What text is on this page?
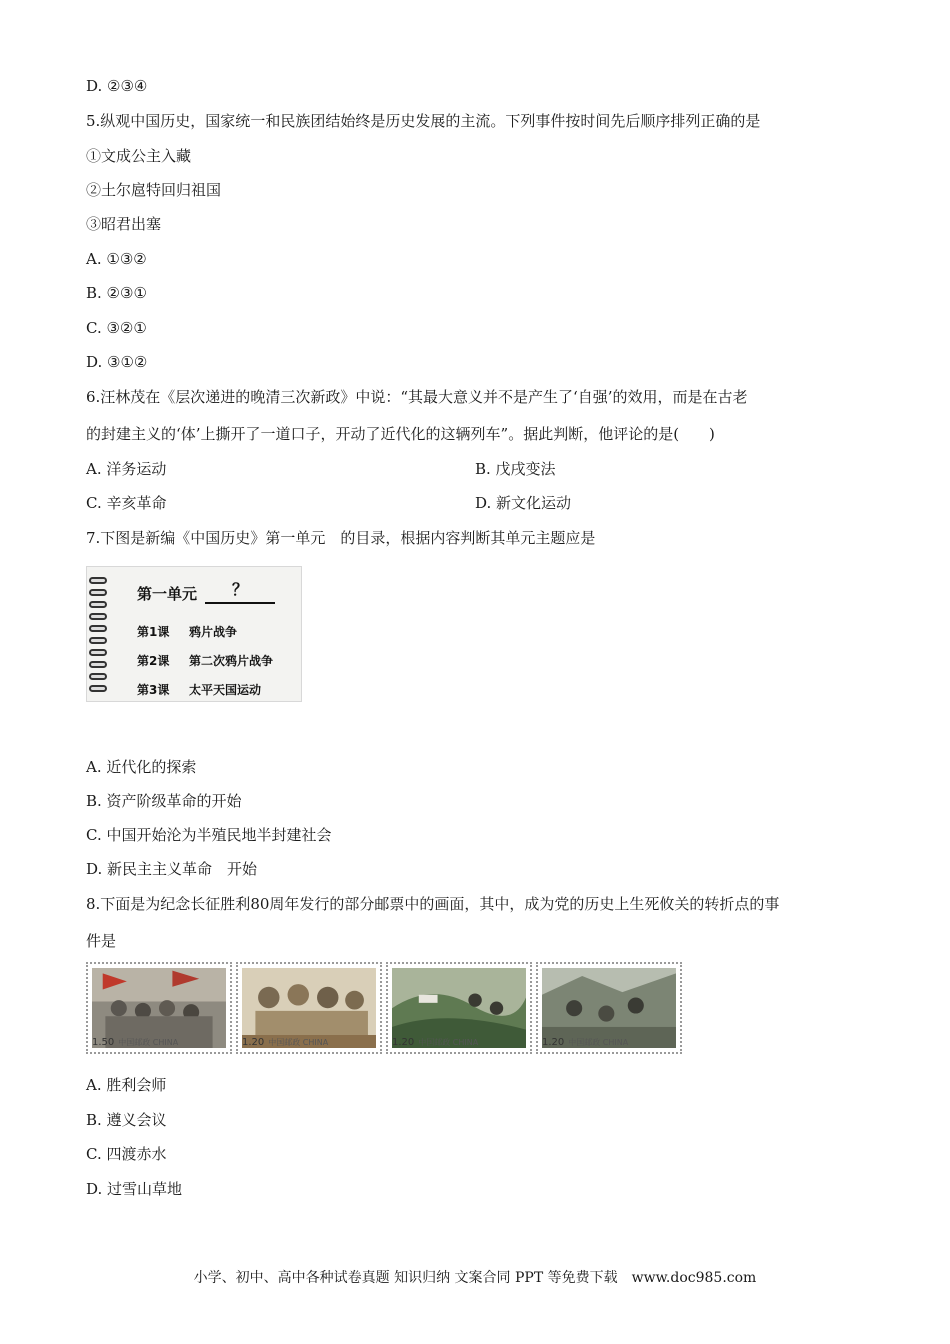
D. ②③④
5.纵观中国历史，国家统一和民族团结始终是历史发展的主流。下列事件按时间先后顺序排列正确的是
①文成公主入藏
②土尔扈特回归祖国
③昭君出塞
A. ①③②
B. ②③①
C. ③②①
D. ③①②
6.汪林茂在《层次递进的晚清三次新政》中说：“其最大意义并不是产生了‘自强’的效用，而是在古老
的封建主义的‘体’上撕开了一道口子，开动了近代化的这辆列车”。据此判断，他评论的是(　　)
A. 洋务运动	B. 戊戌变法
C. 辛亥革命	D. 新文化运动
7.下图是新编《中国历史》第一单元　的目录，根据内容判断其单元主题应是
第一单元	？
第1课 鸦片战争
第2课 第二次鸦片战争
第3课 太平天国运动
A. 近代化的探索
B. 资产阶级革命的开始
C. 中国开始沦为半殖民地半封建社会
D. 新民主主义革命　开始
8.下面是为纪念长征胜利80周年发行的部分邮票中的画面，其中，成为党的历史上生死攸关的转折点的事
件是
1.50 中国邮政 CHINA	1.20 中国邮政 CHINA	1.20 中国邮政 CHINA	1.20 中国邮政 CHINA
A. 胜利会师
B. 遵义会议
C. 四渡赤水
D. 过雪山草地
小学、初中、高中各种试卷真题 知识归纳 文案合同 PPT 等免费下载　www.doc985.com
